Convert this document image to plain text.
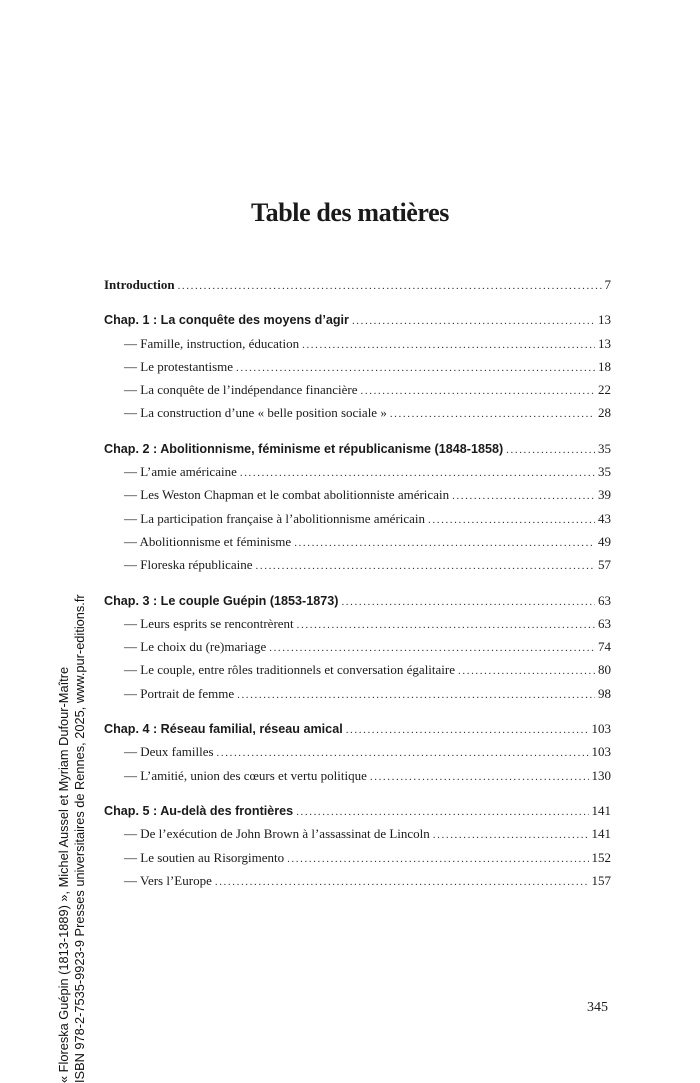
Table des matières
Introduction .....	7
Chap. 1 : La conquête des moyens d’agir .....	13
— Famille, instruction, éducation .....	13
— Le protestantisme .....	18
— La conquête de l’indépendance financière .....	22
— La construction d’une « belle position sociale » .....	28
Chap. 2 : Abolitionnisme, féminisme et républicanisme (1848-1858) .....	35
— L’amie américaine .....	35
— Les Weston Chapman et le combat abolitionniste américain .....	39
— La participation française à l’abolitionnisme américain .....	43
— Abolitionnisme et féminisme .....	49
— Floreska républicaine .....	57
Chap. 3 : Le couple Guépin (1853-1873) .....	63
— Leurs esprits se rencontrèrent .....	63
— Le choix du (re)mariage .....	74
— Le couple, entre rôles traditionnels et conversation égalitaire .....	80
— Portrait de femme .....	98
Chap. 4 : Réseau familial, réseau amical .....	103
— Deux familles .....	103
— L’amitié, union des cœurs et vertu politique .....	130
Chap. 5 : Au-delà des frontières .....	141
— De l’exécution de John Brown à l’assassinat de Lincoln .....	141
— Le soutien au Risorgimento .....	152
— Vers l’Europe .....	157
345
« Floreska Guépin (1813-1889) », Michel Aussel et Myriam Dufour-Maître ISBN 978-2-7535-9923-9 Presses universitaires de Rennes, 2025, www.pur-editions.fr
